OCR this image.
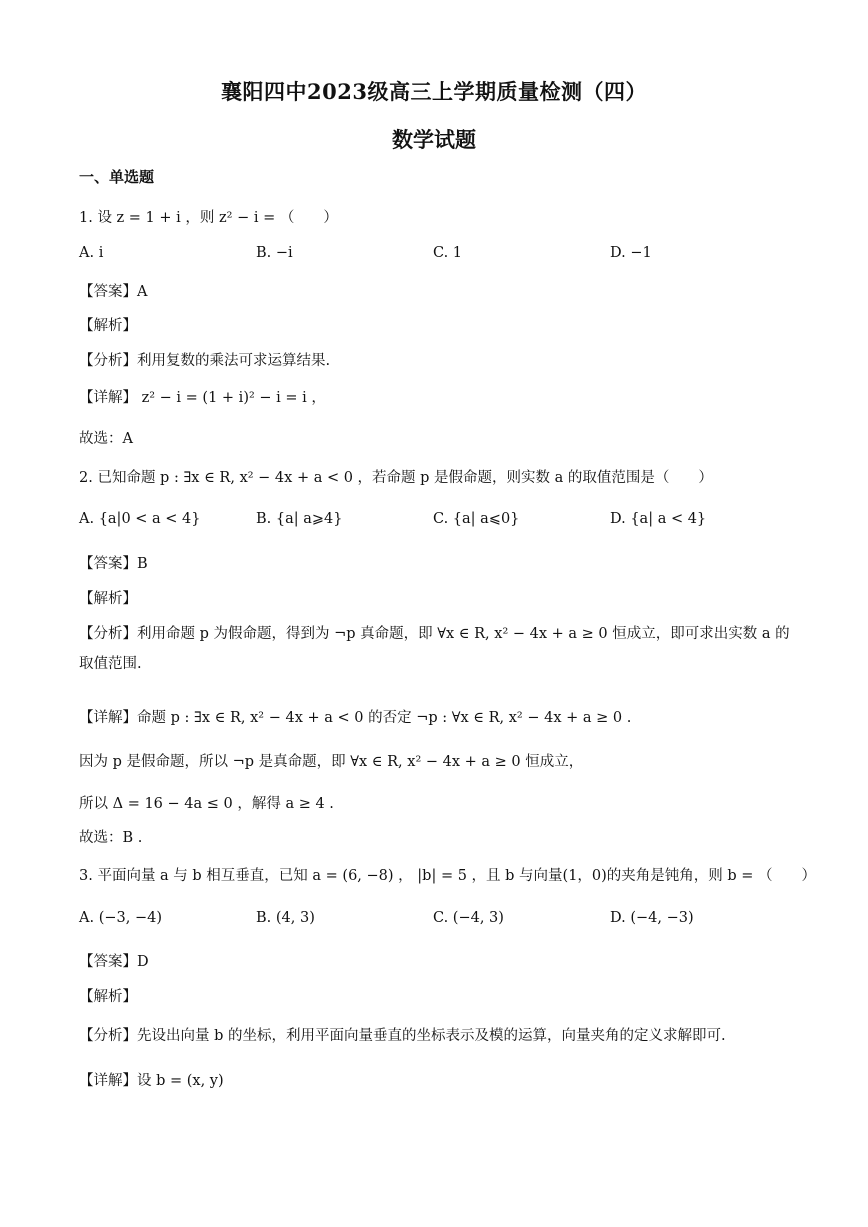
襄阳四中2023级高三上学期质量检测（四）
数学试题
一、单选题
1. 设 z = 1 + i ，则 z² − i = （　　）
A. i	B. −i	C. 1	D. −1
【答案】A
【解析】
【分析】利用复数的乘法可求运算结果.
【详解】 z² − i = (1 + i)² − i = i ，
故选：A
2. 已知命题 p : ∃x ∈ R, x² − 4x + a < 0 ，若命题 p 是假命题，则实数 a 的取值范围是（　　）
A. {a|0 < a < 4}	B. {a| a⩾4}	C. {a| a⩽0}	D. {a| a < 4}
【答案】B
【解析】
【分析】利用命题 p 为假命题，得到为 ¬p 真命题，即 ∀x ∈ R, x² − 4x + a ≥ 0 恒成立，即可求出实数 a 的取值范围.
【详解】命题 p : ∃x ∈ R, x² − 4x + a < 0 的否定 ¬p : ∀x ∈ R, x² − 4x + a ≥ 0 .
因为 p 是假命题，所以 ¬p 是真命题，即 ∀x ∈ R, x² − 4x + a ≥ 0 恒成立，
所以 Δ = 16 − 4a ≤ 0 ，解得 a ≥ 4 .
故选：B .
3. 平面向量 a 与 b 相互垂直，已知 a = (6, −8) ， |b| = 5 ，且 b 与向量(1，0)的夹角是钝角，则 b = （　　）
A. (−3, −4)	B. (4, 3)	C. (−4, 3)	D. (−4, −3)
【答案】D
【解析】
【分析】先设出向量 b 的坐标，利用平面向量垂直的坐标表示及模的运算，向量夹角的定义求解即可.
【详解】设 b = (x, y)
